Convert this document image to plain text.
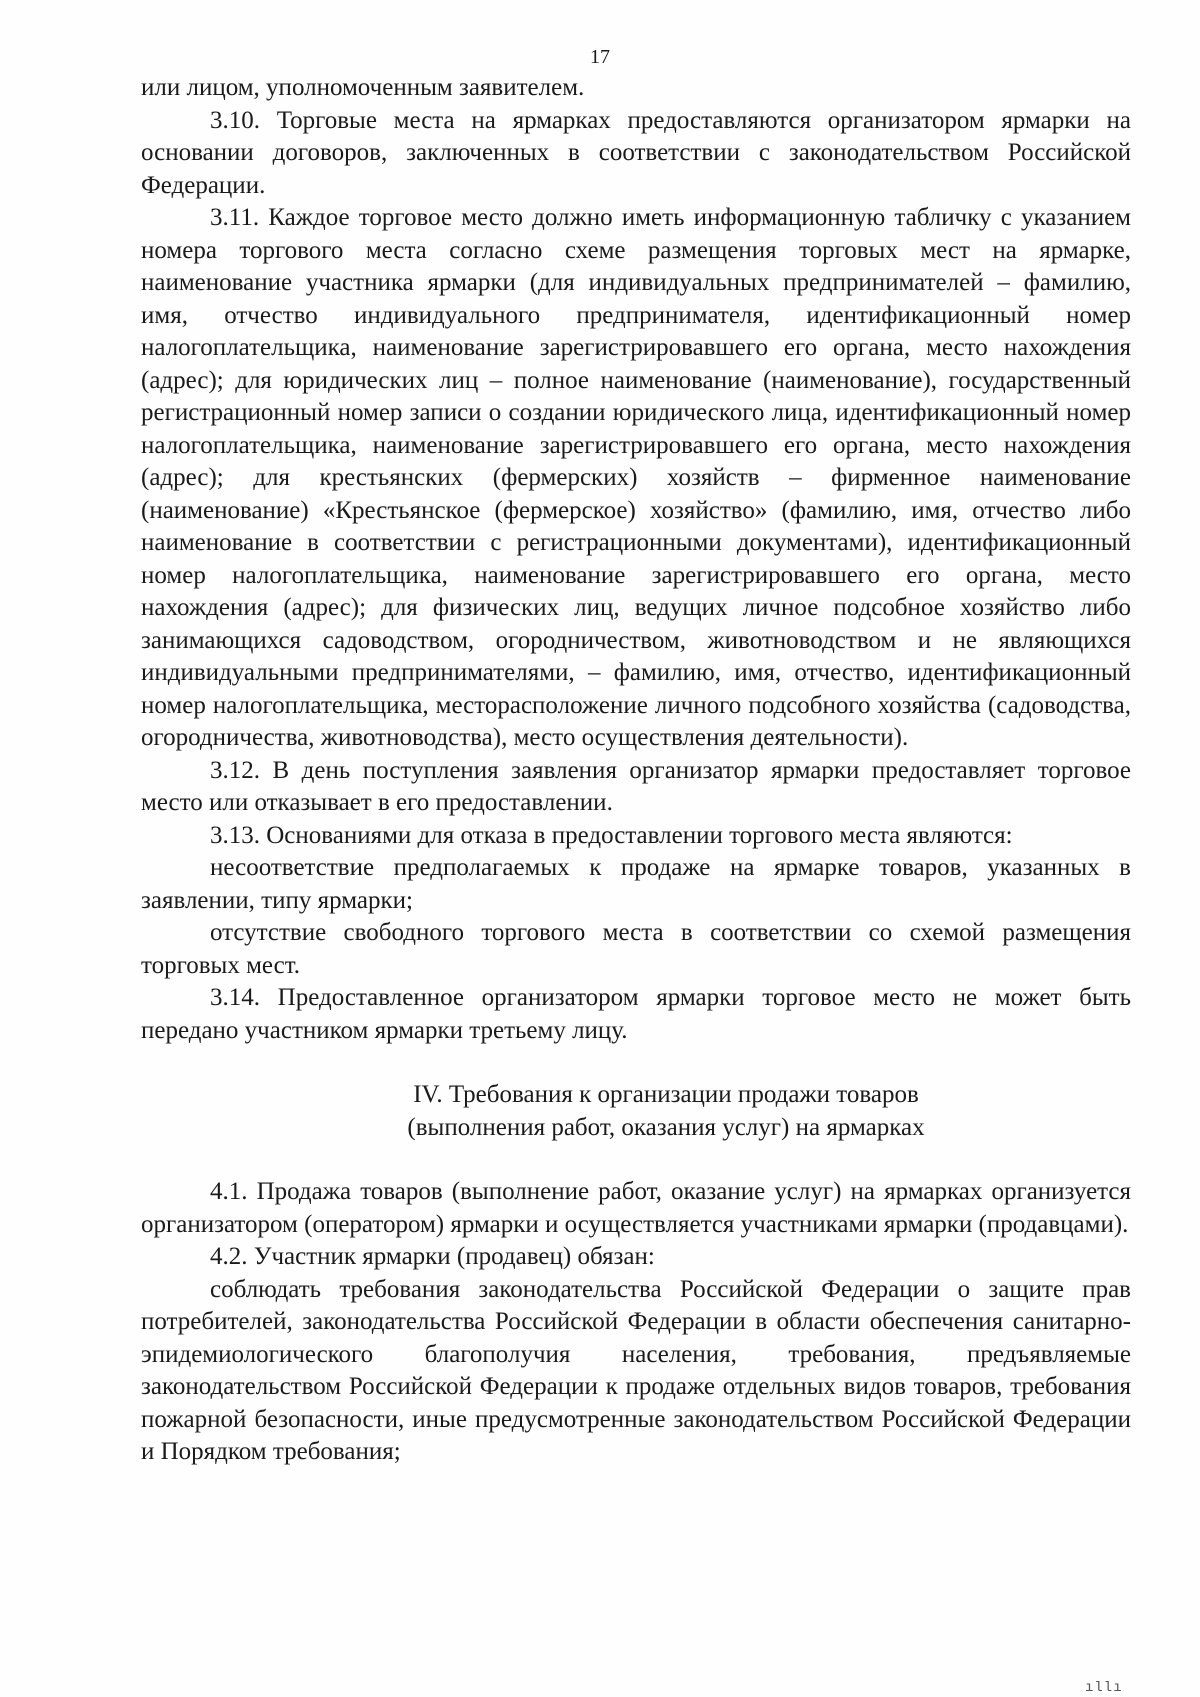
17

или лицом, уполномоченным заявителем.

3.10. Торговые места на ярмарках предоставляются организатором ярмарки на основании договоров, заключенных в соответствии с законодательством Российской Федерации.

3.11. Каждое торговое место должно иметь информационную табличку с указанием номера торгового места согласно схеме размещения торговых мест на ярмарке, наименование участника ярмарки (для индивидуальных предпринимателей – фамилию, имя, отчество индивидуального предпринимателя, идентификационный номер налогоплательщика, наименование зарегистрировавшего его органа, место нахождения (адрес); для юридических лиц – полное наименование (наименование), государственный регистрационный номер записи о создании юридического лица, идентификационный номер налогоплательщика, наименование зарегистрировавшего его органа, место нахождения (адрес); для крестьянских (фермерских) хозяйств – фирменное наименование (наименование) «Крестьянское (фермерское) хозяйство» (фамилию, имя, отчество либо наименование в соответствии с регистрационными документами), идентификационный номер налогоплательщика, наименование зарегистрировавшего его органа, место нахождения (адрес); для физических лиц, ведущих личное подсобное хозяйство либо занимающихся садоводством, огородничеством, животноводством и не являющихся индивидуальными предпринимателями, – фамилию, имя, отчество, идентификационный номер налогоплательщика, месторасположение личного подсобного хозяйства (садоводства, огородничества, животноводства), место осуществления деятельности).

3.12. В день поступления заявления организатор ярмарки предоставляет торговое место или отказывает в его предоставлении.

3.13. Основаниями для отказа в предоставлении торгового места являются:

несоответствие предполагаемых к продаже на ярмарке товаров, указанных в заявлении, типу ярмарки;

отсутствие свободного торгового места в соответствии со схемой размещения торговых мест.

3.14. Предоставленное организатором ярмарки торговое место не может быть передано участником ярмарки третьему лицу.

IV. Требования к организации продажи товаров
(выполнения работ, оказания услуг) на ярмарках

4.1. Продажа товаров (выполнение работ, оказание услуг) на ярмарках организуется организатором (оператором) ярмарки и осуществляется участниками ярмарки (продавцами).

4.2. Участник ярмарки (продавец) обязан:

соблюдать требования законодательства Российской Федерации о защите прав потребителей, законодательства Российской Федерации в области обеспечения санитарно-эпидемиологического благополучия населения, требования, предъявляемые законодательством Российской Федерации к продаже отдельных видов товаров, требования пожарной безопасности, иные предусмотренные законодательством Российской Федерации и Порядком требования;

ıllı
